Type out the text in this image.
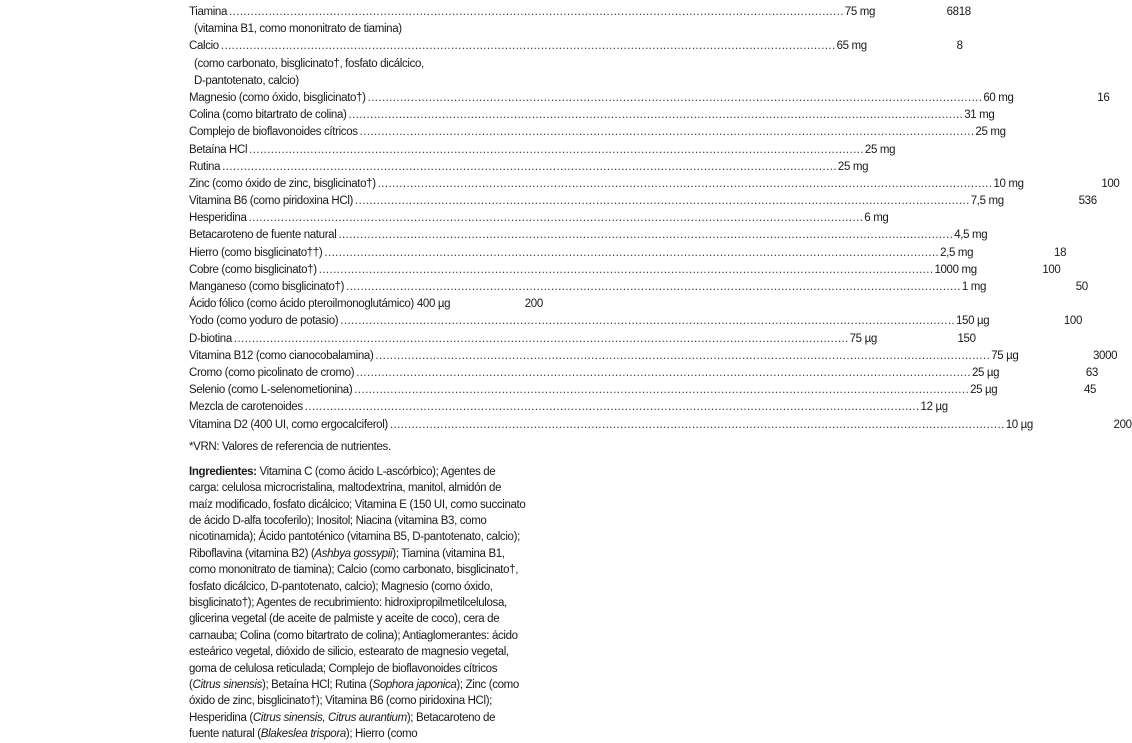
Tiamina ........................................................................................................................................................................... 75 mg	6818
(vitamina B1, como mononitrato de tiamina)
Calcio ........................................................................................................................................................................... 65 mg	8
(como carbonato, bisglicinato†, fosfato dicálcico,
D-pantotenato, calcio)
Magnesio (como óxido, bisglicinato†) ........................................................................................................................................................................... 60 mg	16
Colina (como bitartrato de colina) ........................................................................................................................................................................... 31 mg
Complejo de bioflavonoides cítricos ........................................................................................................................................................................... 25 mg
Betaína HCl ........................................................................................................................................................................... 25 mg
Rutina ........................................................................................................................................................................... 25 mg
Zinc (como óxido de zinc, bisglicinato†) ........................................................................................................................................................................... 10 mg	100
Vitamina B6 (como piridoxina HCl) ........................................................................................................................................................................... 7,5 mg	536
Hesperidina ........................................................................................................................................................................... 6 mg
Betacaroteno de fuente natural ........................................................................................................................................................................... 4,5 mg
Hierro (como bisglicinato††) ........................................................................................................................................................................... 2,5 mg	18
Cobre (como bisglicinato†) ........................................................................................................................................................................... 1000 mg	100
Manganeso (como bisglicinato†) ........................................................................................................................................................................... 1 mg	50
Ácido fólico (como ácido pteroilmonoglutámico) 400 µg	200
Yodo (como yoduro de potasio) ........................................................................................................................................................................... 150 µg	100
D-biotina ........................................................................................................................................................................... 75 µg	150
Vitamina B12 (como cianocobalamina) ........................................................................................................................................................................... 75 µg	3000
Cromo (como picolinato de cromo) ........................................................................................................................................................................... 25 µg	63
Selenio (como L-selenometionina) ........................................................................................................................................................................... 25 µg	45
Mezcla de carotenoides ........................................................................................................................................................................... 12 µg
Vitamina D2 (400 UI, como ergocalciferol) ........................................................................................................................................................................... 10 µg	200
*VRN: Valores de referencia de nutrientes.
Ingredientes: Vitamina C (como ácido L-ascórbico); Agentes de carga: celulosa microcristalina, maltodextrina, manitol, almidón de maíz modificado, fosfato dicálcico; Vitamina E (150 UI, como succinato de ácido D-alfa tocoferilo); Inositol; Niacina (vitamina B3, como nicotinamida); Ácido pantoténico (vitamina B5, D-pantotenato, calcio); Riboflavina (vitamina B2) (Ashbya gossypii); Tiamina (vitamina B1, como mononitrato de tiamina); Calcio (como carbonato, bisglicinato†, fosfato dicálcico, D-pantotenato, calcio); Magnesio (como óxido, bisglicinato†); Agentes de recubrimiento: hidroxipropilmetilcelulosa, glicerina vegetal (de aceite de palmiste y aceite de coco), cera de carnauba; Colina (como bitartrato de colina); Antiaglomerantes: ácido esteárico vegetal, dióxido de silicio, estearato de magnesio vegetal, goma de celulosa reticulada; Complejo de bioflavonoides cítricos (Citrus sinensis); Betaína HCl; Rutina (Sophora japonica); Zinc (como óxido de zinc, bisglicinato†); Vitamina B6 (como piridoxina HCl); Hesperidina (Citrus sinensis, Citrus aurantium); Betacaroteno de fuente natural (Blakeslea trispora); Hierro (como
